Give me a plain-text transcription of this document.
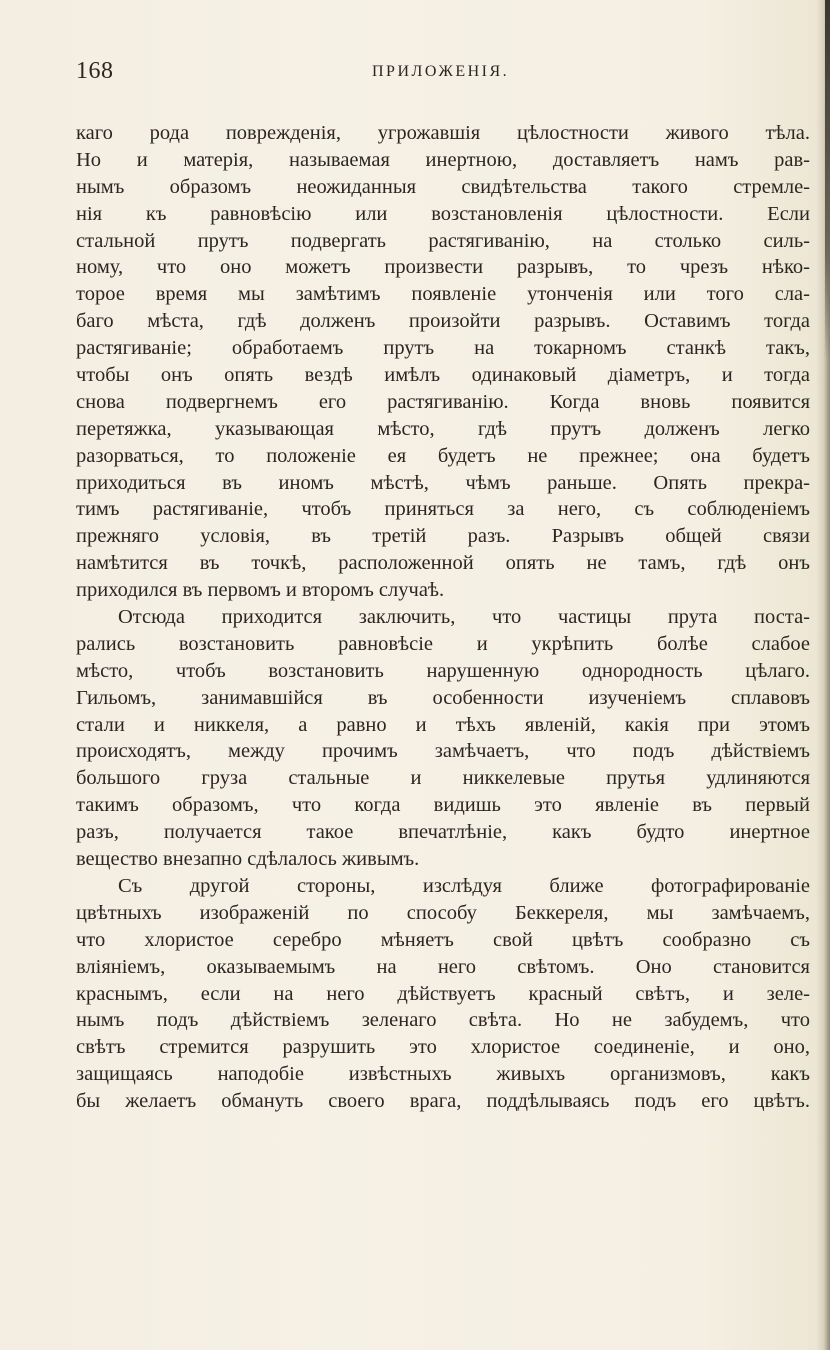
168	ПРИЛОЖЕНІЯ.
каго рода поврежденія, угрожавшія цѣлостности живого тѣла.
Но и матерія, называемая инертною, доставляетъ намъ рав-
нымъ образомъ неожиданныя свидѣтельства такого стремле-
нія къ равновѣсію или возстановленія цѣлостности. Если
стальной прутъ подвергать растягиванію, на столько силь-
ному, что оно можетъ произвести разрывъ, то чрезъ нѣко-
торое время мы замѣтимъ появленіе утонченія или того сла-
баго мѣста, гдѣ долженъ произойти разрывъ. Оставимъ тогда
растягиваніе; обработаемъ прутъ на токарномъ станкѣ такъ,
чтобы онъ опять вездѣ имѣлъ одинаковый діаметръ, и тогда
снова подвергнемъ его растягиванію. Когда вновь появится
перетяжка, указывающая мѣсто, гдѣ прутъ долженъ легко
разорваться, то положеніе ея будетъ не прежнее; она будетъ
приходиться въ иномъ мѣстѣ, чѣмъ раньше. Опять прекра-
тимъ растягиваніе, чтобъ приняться за него, съ соблюденіемъ
прежняго условія, въ третій разъ. Разрывъ общей связи
намѣтится въ точкѣ, расположенной опять не тамъ, гдѣ онъ
приходился въ первомъ и второмъ случаѣ.
Отсюда приходится заключить, что частицы прута поста-
рались возстановить равновѣсіе и укрѣпить болѣе слабое
мѣсто, чтобъ возстановить нарушенную однородность цѣлаго.
Гильомъ, занимавшійся въ особенности изученіемъ сплавовъ
стали и никкеля, а равно и тѣхъ явленій, какія при этомъ
происходятъ, между прочимъ замѣчаетъ, что подъ дѣйствіемъ
большого груза стальные и никкелевые прутья удлиняются
такимъ образомъ, что когда видишь это явленіе въ первый
разъ, получается такое впечатлѣніе, какъ будто инертное
вещество внезапно сдѣлалось живымъ.
Съ другой стороны, изслѣдуя ближе фотографированіе
цвѣтныхъ изображеній по способу Беккереля, мы замѣчаемъ,
что хлористое серебро мѣняетъ свой цвѣтъ сообразно съ
вліяніемъ, оказываемымъ на него свѣтомъ. Оно становится
краснымъ, если на него дѣйствуетъ красный свѣтъ, и зеле-
нымъ подъ дѣйствіемъ зеленаго свѣта. Но не забудемъ, что
свѣтъ стремится разрушить это хлористое соединеніе, и оно,
защищаясь наподобіе извѣстныхъ живыхъ организмовъ, какъ
бы желаетъ обмануть своего врага, поддѣлываясь подъ его цвѣтъ.
